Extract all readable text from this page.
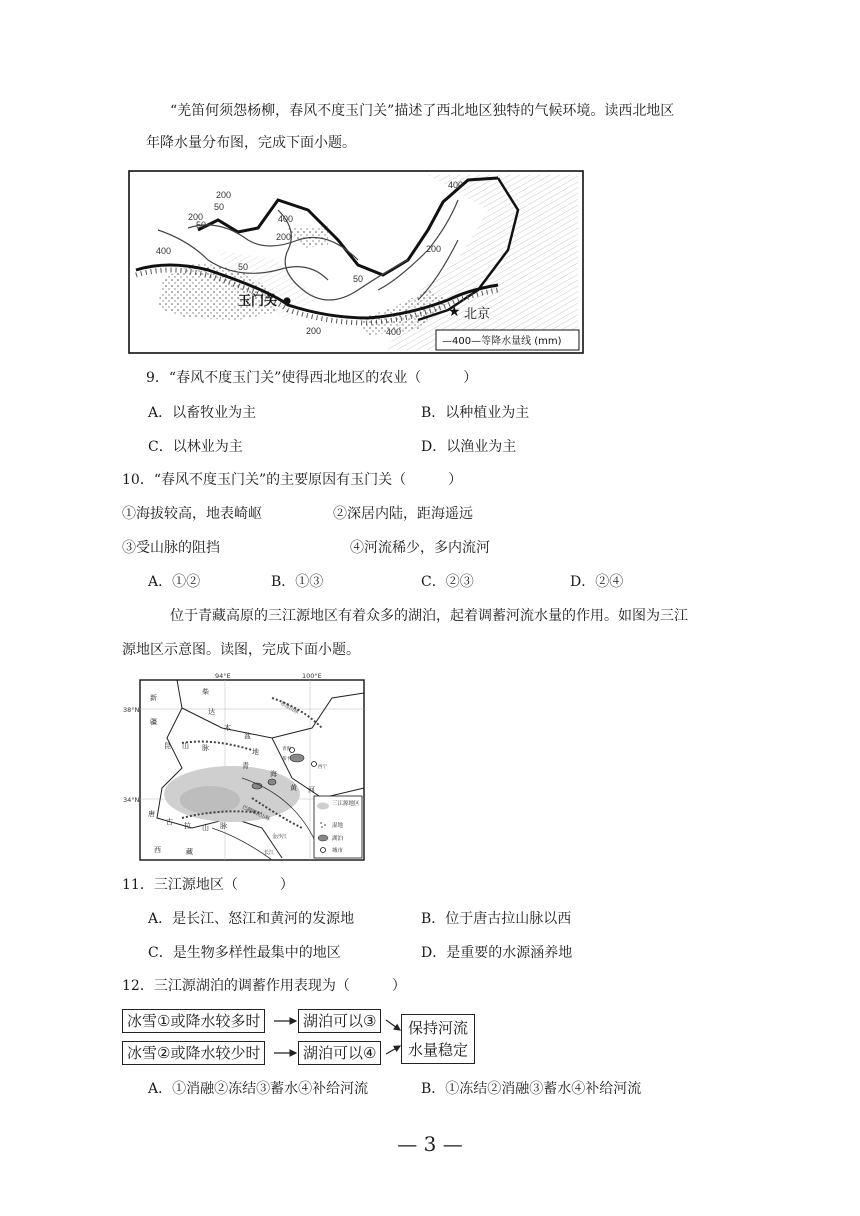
“羌笛何须怨杨柳，春风不度玉门关”描述了西北地区独特的气候环境。读西北地区
年降水量分布图，完成下面小题。
400
200
50
200
50
400
200
50
50
200
400
200	400
玉门关
★ 北京
—400—等降水量线 (mm)
9．“春风不度玉门关”使得西北地区的农业（　　　）
A．以畜牧业为主	B．以种植业为主
C．以林业为主	D．以渔业为主
10．“春风不度玉门关”的主要原因有玉门关（　　　）
①海拔较高，地表崎岖	②深居内陆，距海遥远
③受山脉的阻挡	④河流稀少，多内流河
A．①②	B．①③	C．②③	D．②④
位于青藏高原的三江源地区有着众多的湖泊，起着调蓄河流水量的作用。如图为三江
源地区示意图。读图，完成下面小题。
94°E	100°E
38°N
34°N
新
疆
柴
达
木
盆
地
昆 山 脉
青
海
唐
古 拉 山 脉
西	藏
黄 河
祁连山脉
青海
西宁
茶卡
巴颜喀拉山脉
金沙江
长江
三江源地区
湿地
湖泊
城市
11．三江源地区（　　　）
A．是长江、怒江和黄河的发源地	B．位于唐古拉山脉以西
C．是生物多样性最集中的地区	D．是重要的水源涵养地
12．三江源湖泊的调蓄作用表现为（　　　）
冰雪①或降水较多时	湖泊可以③
冰雪②或降水较少时	湖泊可以④
保持河流
水量稳定
A．①消融②冻结③蓄水④补给河流	B．①冻结②消融③蓄水④补给河流
— 3 —
